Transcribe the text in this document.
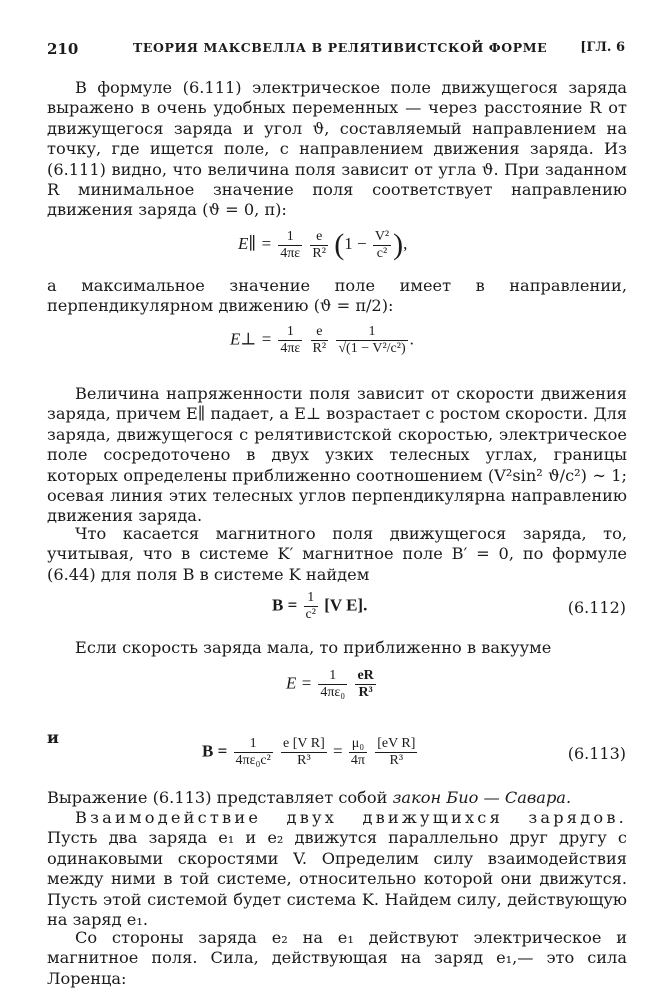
210	ТЕОРИЯ МАКСВЕЛЛА В РЕЛЯТИВИСТСКОЙ ФОРМЕ	[ГЛ. 6

В формуле (6.111) электрическое поле движущегося заряда выражено в очень удобных переменных — через расстояние R от движущегося заряда и угол ϑ, составляемый направлением на точку, где ищется поле, с направлением движения заряда. Из (6.111) видно, что величина поля зависит от угла ϑ. При заданном R минимальное значение поля соответствует направлению движения заряда (ϑ = 0, π):

E∥ = $\frac{1}{4\pi\varepsilon}$
$\frac{e}{\text{R²}} (1 - \frac{\text{V²}}{\text{c²}}$ ),

а максимальное значение поле имеет в направлении, перпендикулярном движению (ϑ = π/2):

E⊥ = $\frac{1}{4\pi\varepsilon}$
$\frac{e}{\text{R²}}$
$\frac{1}{\text{√(1 − V²/c²)}}$ .

Величина напряженности поля зависит от скорости движения заряда, причем E∥ падает, а E⊥ возрастает с ростом скорости. Для заряда, движущегося с релятивистской скоростью, электрическое поле сосредоточено в двух узких телесных углах, границы которых определены приближенно соотношением (V²sin² ϑ/c²) ∼ 1; осевая линия этих телесных углов перпендикулярна направлению движения заряда.

Что касается магнитного поля движущегося заряда, то, учитывая, что в системе K′ магнитное поле B′ = 0, по формуле (6.44) для поля B в системе K найдем

$B = \frac{1}{\text{c²}} [V$ E].	(6.112)

Если скорость заряда мала, то приближенно в вакууме

$E = \frac{1}{\text{4πε₀}}$
$\frac{eR}{\text{R³}}$
и
$B = \frac{1}{\text{4πε₀c²}}$
$\frac{\text{e [V R]}}{\text{R³}} = \frac{\text{μ₀}}{4\pi}$
$\frac{\text{[eV R]}}{\text{R³}}$	(6.113)

Выражение (6.113) представляет собой закон Био — Савара.

Взаимодействие двух движущихся зарядов. Пусть два заряда e₁ и e₂ движутся параллельно друг другу с одинаковыми скоростями V. Определим силу взаимодействия между ними в той системе, относительно которой они движутся. Пусть этой системой будет система K. Найдем силу, действующую на заряд e₁.

Со стороны заряда e₂ на e₁ действуют электрическое и магнитное поля. Сила, действующая на заряд e₁,— это сила Лоренца:
